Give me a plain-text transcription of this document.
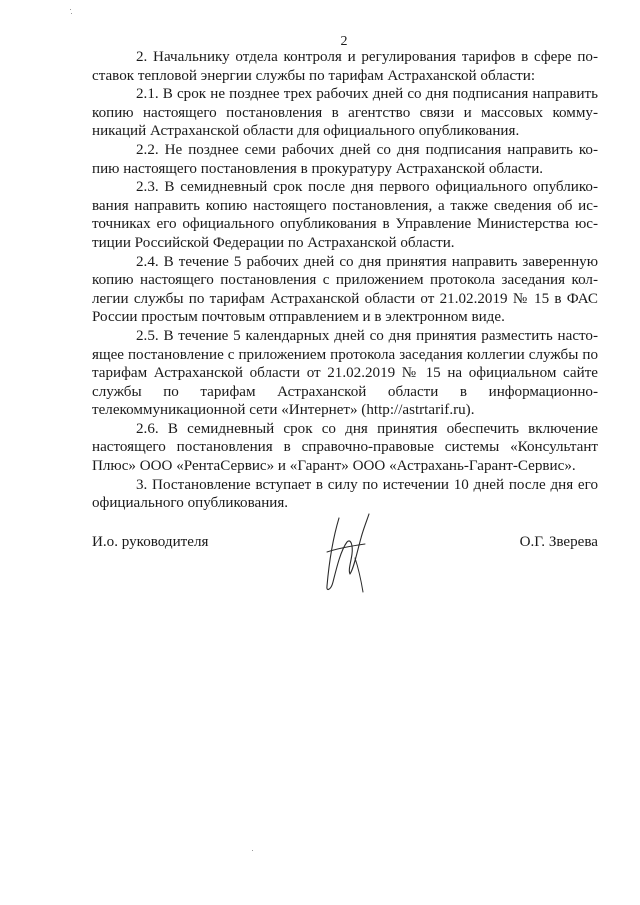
2

2. Начальнику отдела контроля и регулирования тарифов в сфере поставок тепловой энергии службы по тарифам Астраханской области:

2.1. В срок не позднее трех рабочих дней со дня подписания направить копию настоящего постановления в агентство связи и массовых коммуникаций Астраханской области для официального опубликования.

2.2. Не позднее семи рабочих дней со дня подписания направить копию настоящего постановления в прокуратуру Астраханской области.

2.3. В семидневный срок после дня первого официального опубликования направить копию настоящего постановления, а также сведения об источниках его официального опубликования в Управление Министерства юстиции Российской Федерации по Астраханской области.

2.4. В течение 5 рабочих дней со дня принятия направить заверенную копию настоящего постановления с приложением протокола заседания коллегии службы по тарифам Астраханской области от 21.02.2019 № 15 в ФАС России простым почтовым отправлением и в электронном виде.

2.5. В течение 5 календарных дней со дня принятия разместить настоящее постановление с приложением протокола заседания коллегии службы по тарифам Астраханской области от 21.02.2019 № 15 на официальном сайте службы по тарифам Астраханской области в информационно-телекоммуникационной сети «Интернет» (http://astrtarif.ru).

2.6. В семидневный срок со дня принятия обеспечить включение настоящего постановления в справочно-правовые системы «Консультант Плюс» ООО «РентаСервис» и «Гарант» ООО «Астрахань-Гарант-Сервис».

3. Постановление вступает в силу по истечении 10 дней после дня его официального опубликования.

И.о. руководителя	О.Г. Зверева
